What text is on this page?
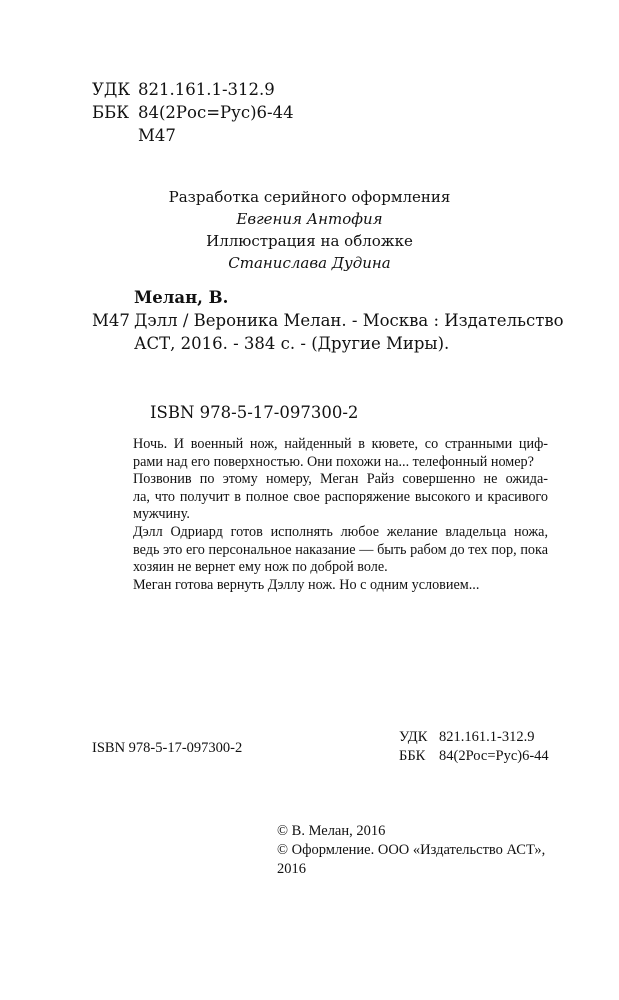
УДК 821.161.1-312.9
ББК 84(2Рос=Рус)6-44
М47
Разработка серийного оформления
Евгения Антофия
Иллюстрация на обложке
Станислава Дудина
Мелан, В.
М47 Дэлл / Вероника Мелан. - Москва : Издательство
АСТ, 2016. - 384 с. - (Другие Миры).
ISBN 978-5-17-097300-2
Ночь. И военный нож, найденный в кювете, со странными циф-
рами над его поверхностью. Они похожи на... телефонный номер?
Позвонив по этому номеру, Меган Райз совершенно не ожида-
ла, что получит в полное свое распоряжение высокого и красивого
мужчину.
Дэлл Одриард готов исполнять любое желание владельца ножа,
ведь это его персональное наказание — быть рабом до тех пор, пока
хозяин не вернет ему нож по доброй воле.
Меган готова вернуть Дэллу нож. Но с одним условием...
ISBN 978-5-17-097300-2
УДК 821.161.1-312.9
ББК 84(2Рос=Рус)6-44
© В. Мелан, 2016
© Оформление. ООО «Издательство АСТ»,
2016
